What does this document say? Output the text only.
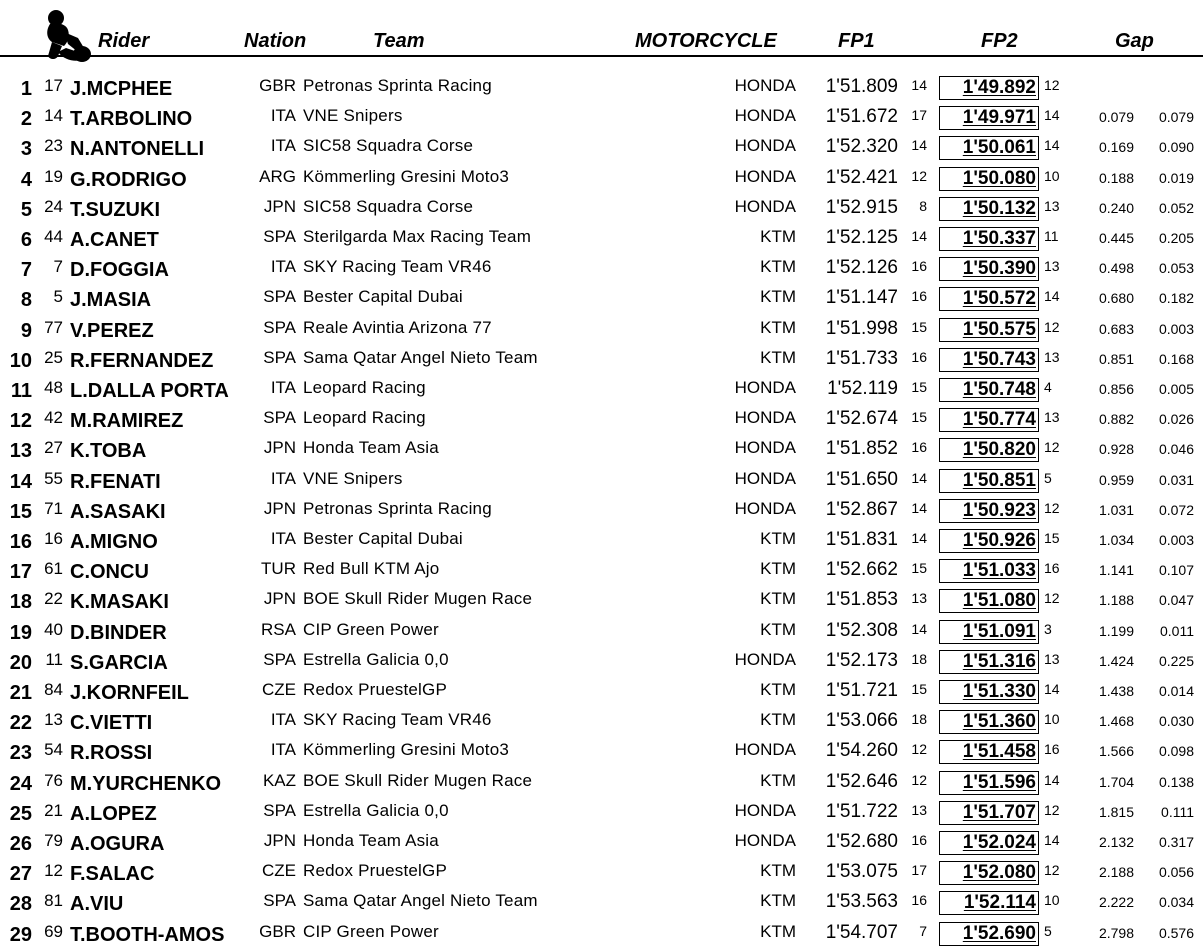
Rider	Nation	Team	MOTORCYCLE	FP1	FP2	Gap
1 17 J.MCPHEE	GBR Petronas Sprinta Racing	HONDA	1'51.809 14	1'49.892 12
2 14 T.ARBOLINO	ITA VNE Snipers	HONDA	1'51.672 17	1'49.971 14	0.079	0.079
3 23 N.ANTONELLI	ITA SIC58 Squadra Corse	HONDA	1'52.320 14	1'50.061 14	0.169	0.090
4 19 G.RODRIGO	ARG Kömmerling Gresini Moto3	HONDA	1'52.421 12	1'50.080 10	0.188	0.019
5 24 T.SUZUKI	JPN SIC58 Squadra Corse	HONDA	1'52.915	8	1'50.132 13	0.240	0.052
6 44 A.CANET	SPA Sterilgarda Max Racing Team	KTM	1'52.125 14	1'50.337 11	0.445	0.205
7	7 D.FOGGIA	ITA SKY Racing Team VR46	KTM	1'52.126 16	1'50.390 13	0.498	0.053
8	5 J.MASIA	SPA Bester Capital Dubai	KTM	1'51.147 16	1'50.572 14	0.680	0.182
9 77 V.PEREZ	SPA Reale Avintia Arizona 77	KTM	1'51.998 15	1'50.575 12	0.683	0.003
10 25 R.FERNANDEZ	SPA Sama Qatar Angel Nieto Team	KTM	1'51.733 16	1'50.743 13	0.851	0.168
11 48 L.DALLA PORTA	ITA Leopard Racing	HONDA	1'52.119 15	1'50.748 4	0.856	0.005
12 42 M.RAMIREZ	SPA Leopard Racing	HONDA	1'52.674 15	1'50.774 13	0.882	0.026
13 27 K.TOBA	JPN Honda Team Asia	HONDA	1'51.852 16	1'50.820 12	0.928	0.046
14 55 R.FENATI	ITA VNE Snipers	HONDA	1'51.650 14	1'50.851 5	0.959	0.031
15 71 A.SASAKI	JPN Petronas Sprinta Racing	HONDA	1'52.867 14	1'50.923 12	1.031	0.072
16 16 A.MIGNO	ITA Bester Capital Dubai	KTM	1'51.831 14	1'50.926 15	1.034	0.003
17 61 C.ONCU	TUR Red Bull KTM Ajo	KTM	1'52.662 15	1'51.033 16	1.141	0.107
18 22 K.MASAKI	JPN BOE Skull Rider Mugen Race	KTM	1'51.853 13	1'51.080 12	1.188	0.047
19 40 D.BINDER	RSA CIP Green Power	KTM	1'52.308 14	1'51.091 3	1.199	0.011
20 11 S.GARCIA	SPA Estrella Galicia 0,0	HONDA	1'52.173 18	1'51.316 13	1.424	0.225
21 84 J.KORNFEIL	CZE Redox PruestelGP	KTM	1'51.721 15	1'51.330 14	1.438	0.014
22 13 C.VIETTI	ITA SKY Racing Team VR46	KTM	1'53.066 18	1'51.360 10	1.468	0.030
23 54 R.ROSSI	ITA Kömmerling Gresini Moto3	HONDA	1'54.260 12	1'51.458 16	1.566	0.098
24 76 M.YURCHENKO	KAZ BOE Skull Rider Mugen Race	KTM	1'52.646 12	1'51.596 14	1.704	0.138
25 21 A.LOPEZ	SPA Estrella Galicia 0,0	HONDA	1'51.722 13	1'51.707 12	1.815	0.111
26 79 A.OGURA	JPN Honda Team Asia	HONDA	1'52.680 16	1'52.024 14	2.132	0.317
27 12 F.SALAC	CZE Redox PruestelGP	KTM	1'53.075 17	1'52.080 12	2.188	0.056
28 81 A.VIU	SPA Sama Qatar Angel Nieto Team	KTM	1'53.563 16	1'52.114 10	2.222	0.034
29 69 T.BOOTH-AMOS	GBR CIP Green Power	KTM	1'54.707	7	1'52.690 5	2.798	0.576
